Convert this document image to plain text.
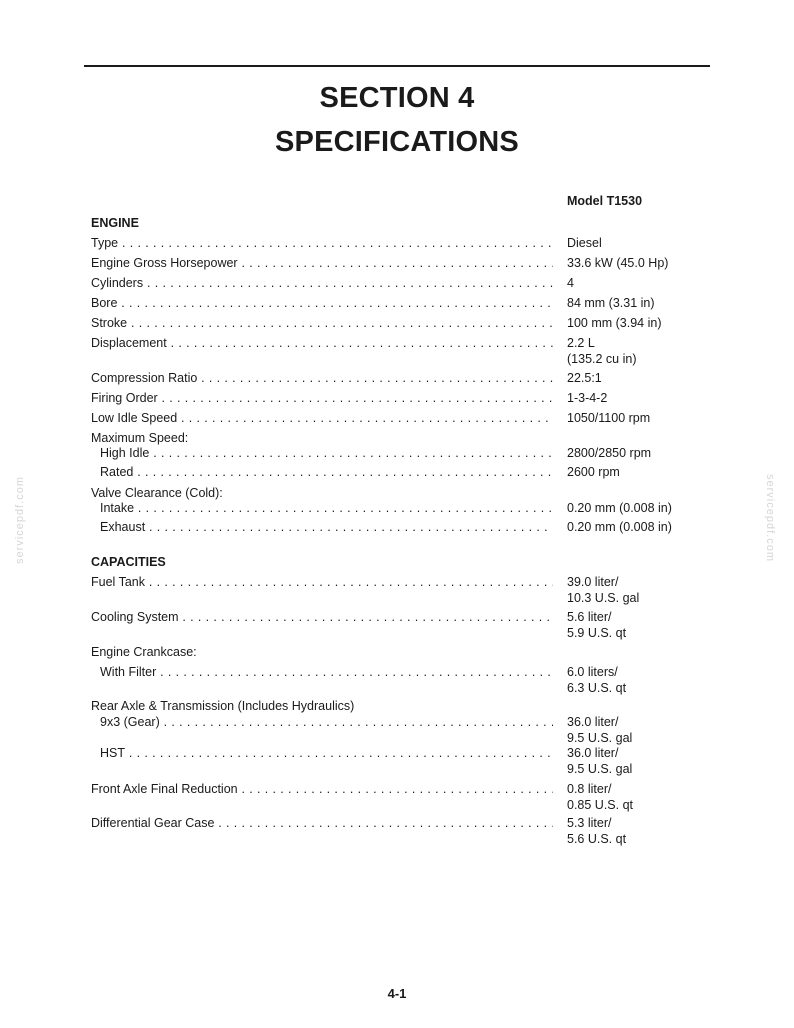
SECTION 4
SPECIFICATIONS
Model T1530
servicepdf.com	servicepdf.com
ENGINE
Type . . .	Diesel
Engine Gross Horsepower . . .	33.6 kW (45.0 Hp)
Cylinders . . .	4
Bore . . .	84 mm (3.31 in)
Stroke . . .	100 mm (3.94 in)
Displacement . . .	2.2 L
(135.2 cu in)
Compression Ratio . . .	22.5:1
Firing Order . . .	1-3-4-2
Low Idle Speed . . .	1050/1100 rpm
Maximum Speed:
High Idle . . .	2800/2850 rpm
Rated . . .	2600 rpm
Valve Clearance (Cold):
Intake . . .	0.20 mm (0.008 in)
Exhaust . . .	0.20 mm (0.008 in)
CAPACITIES
Fuel Tank . . .	39.0 liter/
10.3 U.S. gal
Cooling System . . .	5.6 liter/
5.9 U.S. qt
Engine Crankcase:
With Filter . . .	6.0 liters/
6.3 U.S. qt
Rear Axle & Transmission (Includes Hydraulics)
9x3 (Gear) . . .	36.0 liter/
9.5 U.S. gal
HST . . .	36.0 liter/
9.5 U.S. gal
Front Axle Final Reduction . . .	0.8 liter/
0.85 U.S. qt
Differential Gear Case . . .	5.3 liter/
5.6 U.S. qt
4-1
